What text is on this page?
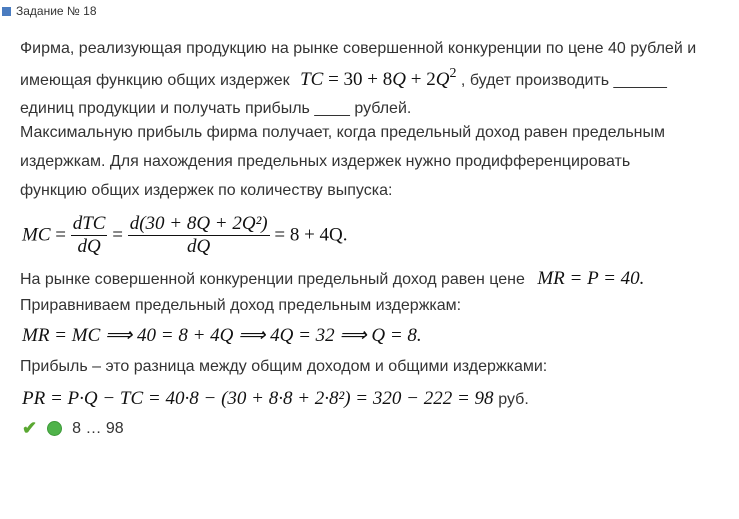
Задание № 18
Фирма, реализующая продукцию на рынке совершенной конкуренции по цене 40 рублей и
имеющая функцию общих издержек TC = $30 + 8Q + 2Q^2$ , будет производить ______
единиц продукции и получать прибыль ____ рублей.
Максимальную прибыль фирма получает, когда предельный доход равен предельным
издержкам. Для нахождения предельных издержек нужно продифференцировать
функцию общих издержек по количеству выпуска:
MC = $\frac{\text{dTC}}{dQ} = \frac{\text{d(30 + 8Q + 2Q²)}}{dQ} = 8 + 4Q$.
На рынке совершенной конкуренции предельный доход равен цене MR = P = 40.
Приравниваем предельный доход предельным издержкам:
MR = MC ⟹ 40 = 8 + 4Q ⟹ 4Q = 32 ⟹ Q = 8.
Прибыль – это разница между общим доходом и общими издержками:
PR = P·Q − TC = 40·8 − (30 + 8·8 + 2·8²) = 320 − 222 = 98 руб.
✔ 8 … 98
